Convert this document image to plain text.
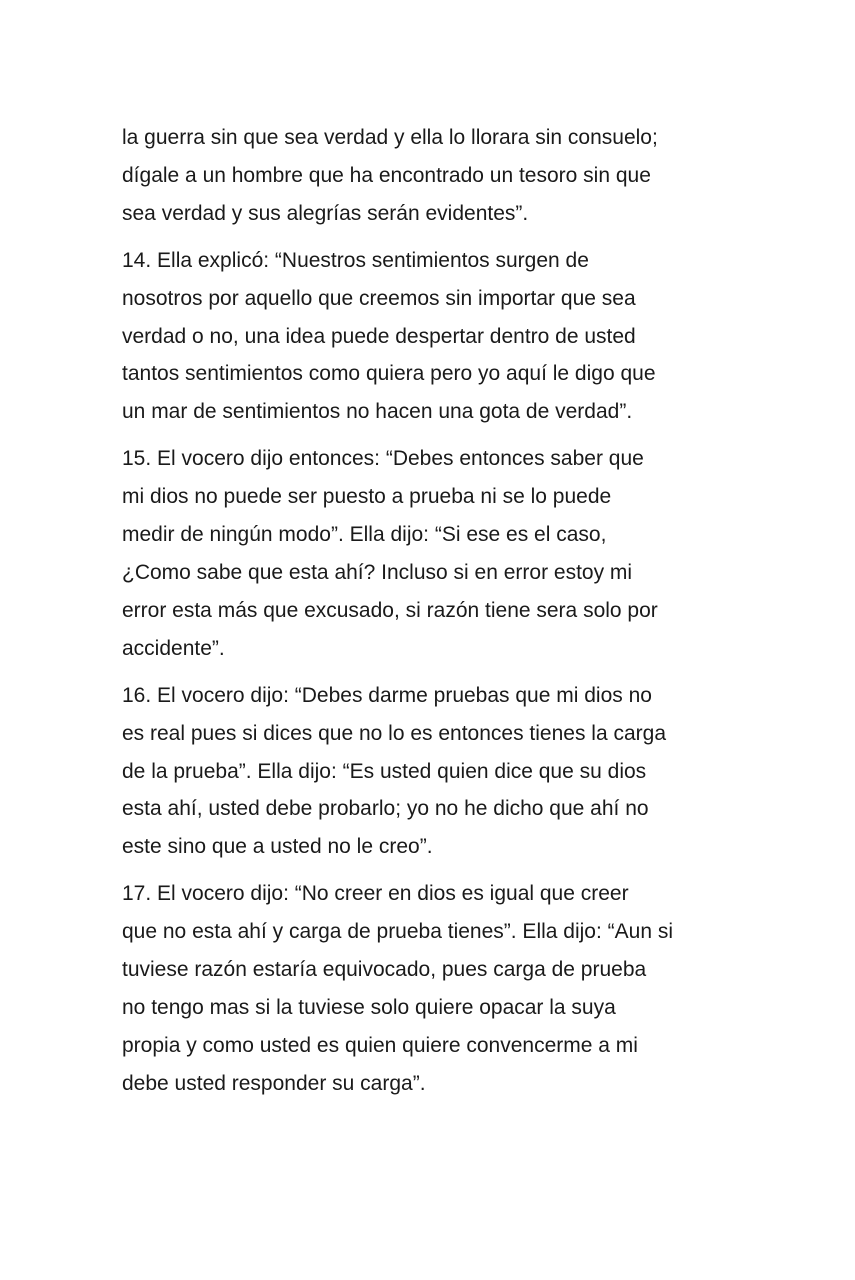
la guerra sin que sea verdad y ella lo llorara sin consuelo;
dígale a un hombre que ha encontrado un tesoro sin que
sea verdad y sus alegrías serán evidentes”.

14. Ella explicó: “Nuestros sentimientos surgen de
nosotros por aquello que creemos sin importar que sea
verdad o no, una idea puede despertar dentro de usted
tantos sentimientos como quiera pero yo aquí le digo que
un mar de sentimientos no hacen una gota de verdad”.

15. El vocero dijo entonces: “Debes entonces saber que
mi dios no puede ser puesto a prueba ni se lo puede
medir de ningún modo”. Ella dijo: “Si ese es el caso,
¿Como sabe que esta ahí? Incluso si en error estoy mi
error esta más que excusado, si razón tiene sera solo por
accidente”.

16. El vocero dijo: “Debes darme pruebas que mi dios no
es real pues si dices que no lo es entonces tienes la carga
de la prueba”. Ella dijo: “Es usted quien dice que su dios
esta ahí, usted debe probarlo; yo no he dicho que ahí no
este sino que a usted no le creo”.

17. El vocero dijo: “No creer en dios es igual que creer
que no esta ahí y carga de prueba tienes”. Ella dijo: “Aun si
tuviese razón estaría equivocado, pues carga de prueba
no tengo mas si la tuviese solo quiere opacar la suya
propia y como usted es quien quiere convencerme a mi
debe usted responder su carga”.
